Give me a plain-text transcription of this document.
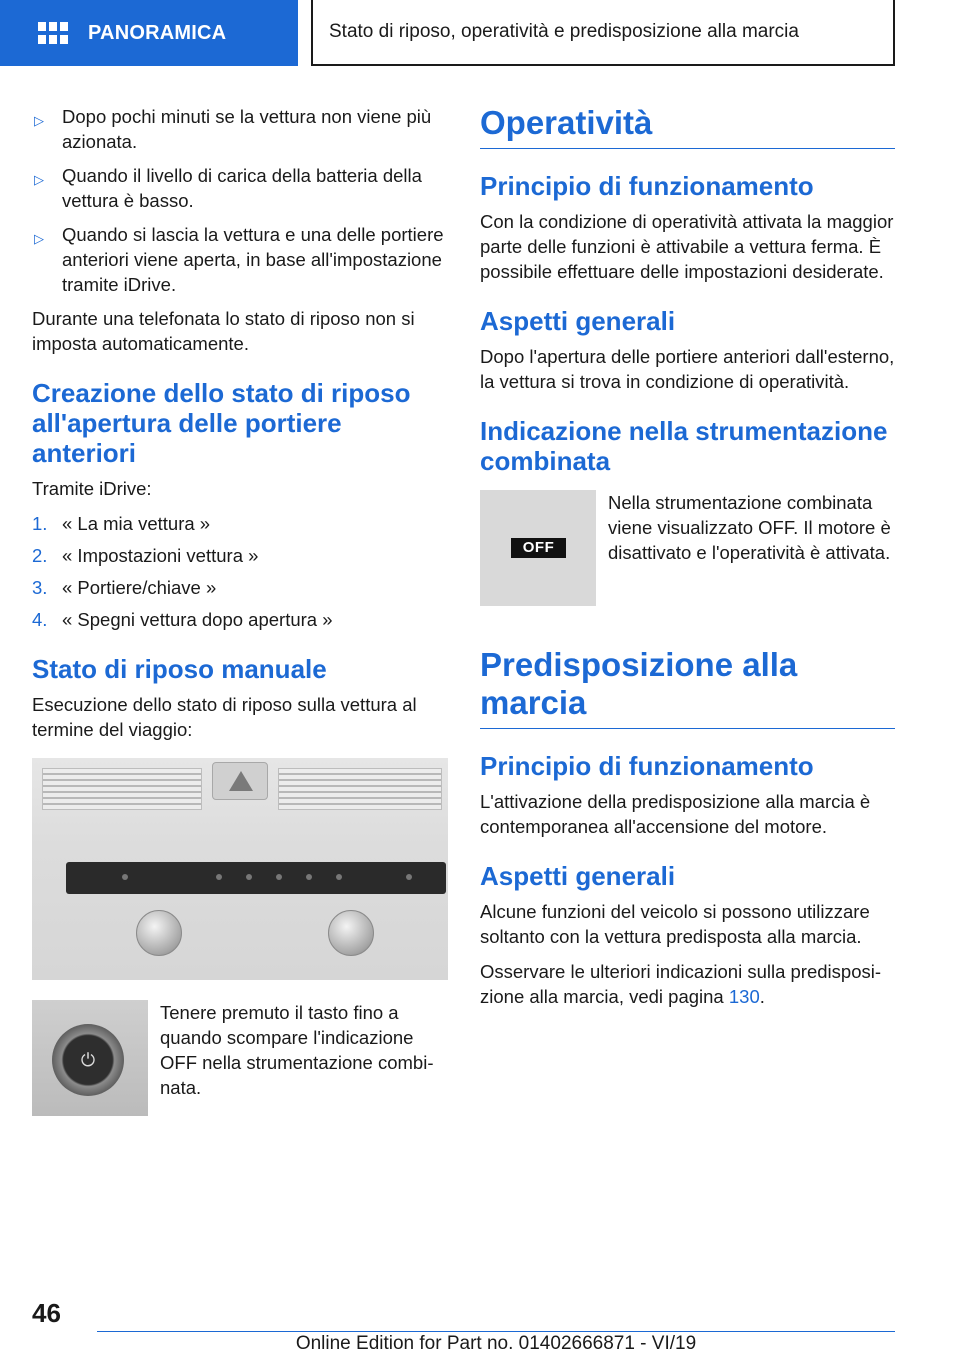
PANORAMICA	Stato di riposo, operatività e predisposizione alla marcia
▷ Dopo pochi minuti se la vettura non viene più azionata.
▷ Quando il livello di carica della batteria della vettura è basso.
▷ Quando si lascia la vettura e una delle portiere anteriori viene aperta, in base all'impostazione tramite iDrive.

Durante una telefonata lo stato di riposo non si imposta automaticamente.

Creazione dello stato di riposo all'apertura delle portiere anteriori

Tramite iDrive:

1. « La mia vettura »
2. « Impostazioni vettura »
3. « Portiere/chiave »
4. « Spegni vettura dopo apertura »
Stato di riposo manuale

Esecuzione dello stato di riposo sulla vettura al termine del viaggio:

⏻
Tenere premuto il tasto fino a quando scompare l'indicazione OFF nella strumentazione combinata.
Operatività
Principio di funzionamento

Con la condizione di operatività attivata la maggior parte delle funzioni è attivabile a vettura ferma. È possibile effettuare delle impostazioni desiderate.

Aspetti generali

Dopo l'apertura delle portiere anteriori dall'esterno, la vettura si trova in condizione di operatività.

Indicazione nella strumentazione combinata
OFF
Nella strumentazione combinata viene visualizzato OFF. Il motore è disattivato e l'operatività è attivata.
Predisposizione alla marcia
Principio di funzionamento

L'attivazione della predisposizione alla marcia è contemporanea all'accensione del motore.

Aspetti generali

Alcune funzioni del veicolo si possono utilizzare soltanto con la vettura predisposta alla marcia.

Osservare le ulteriori indicazioni sulla predisposizione alla marcia, vedi pagina 130.

46
Online Edition for Part no. 01402666871 - VI/19
